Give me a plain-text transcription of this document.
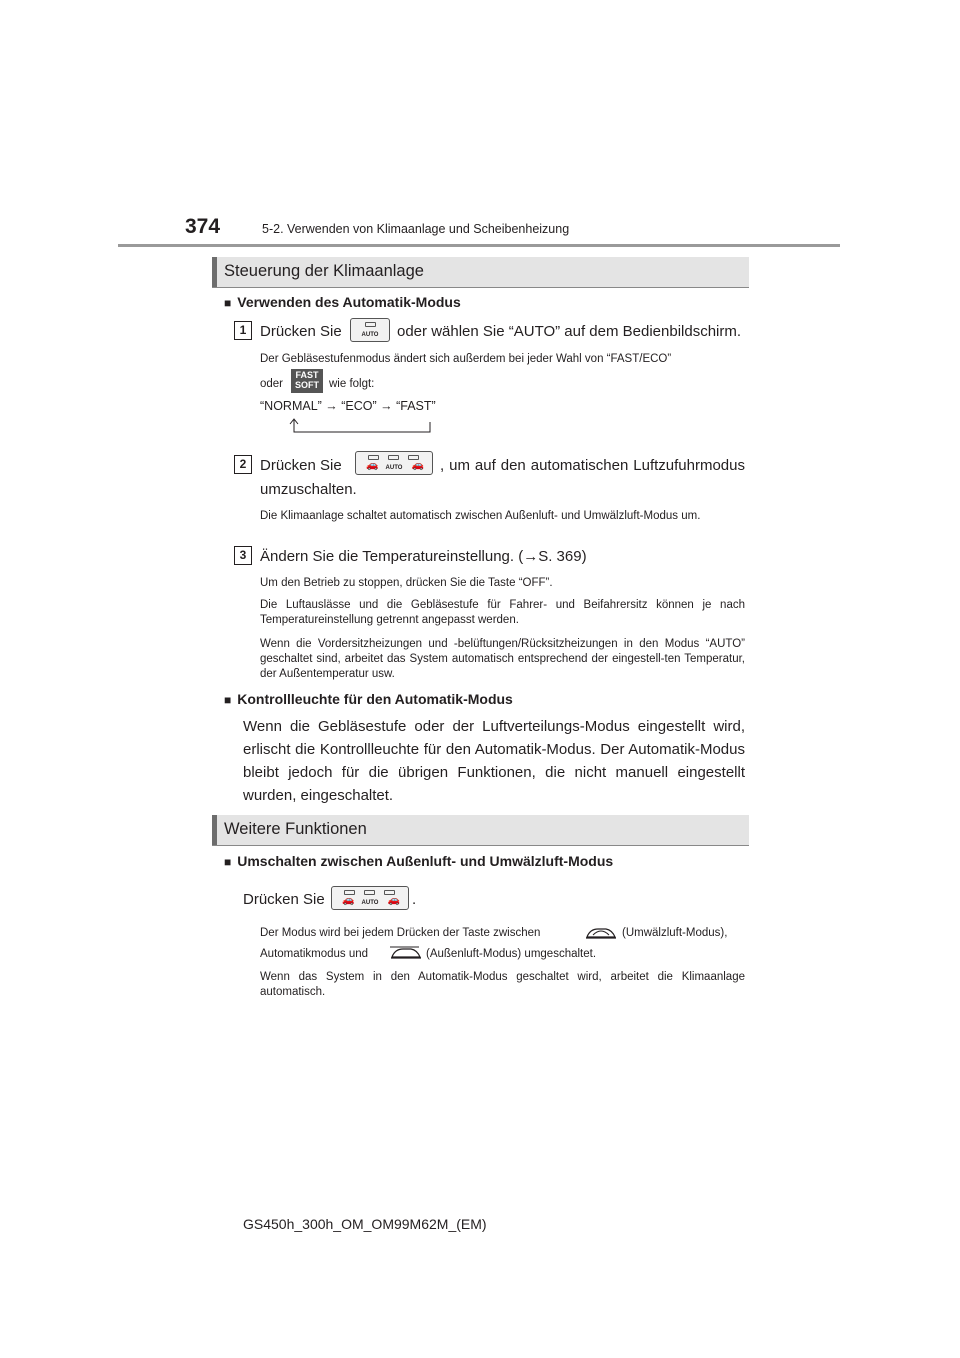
374	5-2. Verwenden von Klimaanlage und Scheibenheizung
Steuerung der Klimaanlage
■ Verwenden des Automatik-Modus
1 Drücken Sie	AUTO	oder wählen Sie “AUTO” auf dem Bedienbildschirm.
Der Gebläsestufenmodus ändert sich außerdem bei jeder Wahl von “FAST/ECO”
oder
FAST
SOFT wie folgt:
“NORMAL” → “ECO” → “FAST”
2 Drücken Sie 🚗	AUTO 🚗 , um auf den automatischen Luftzufuhrmodus
umzuschalten.
Die Klimaanlage schaltet automatisch zwischen Außenluft- und Umwälzluft-Modus um.
3 Ändern Sie die Temperatureinstellung. (→S. 369)
Um den Betrieb zu stoppen, drücken Sie die Taste “OFF”.
Die Luftauslässe und die Gebläsestufe für Fahrer- und Beifahrersitz können je nach Temperatureinstellung getrennt angepasst werden.
Wenn die Vordersitzheizungen und -belüftungen/Rücksitzheizungen in den Modus “AUTO” geschaltet sind, arbeitet das System automatisch entsprechend der eingestell-ten Temperatur, der Außentemperatur usw.
■ Kontrollleuchte für den Automatik-Modus
Wenn die Gebläsestufe oder der Luftverteilungs-Modus eingestellt wird, erlischt die Kontrollleuchte für den Automatik-Modus. Der Automatik-Modus bleibt jedoch für die übrigen Funktionen, die nicht manuell eingestellt wurden, eingeschaltet.
Weitere Funktionen
■ Umschalten zwischen Außenluft- und Umwälzluft-Modus
Drücken Sie 🚗	AUTO 🚗 .
Der Modus wird bei jedem Drücken der Taste zwischen	(Umwälzluft-Modus),
Automatikmodus und	(Außenluft-Modus) umgeschaltet.
Wenn das System in den Automatik-Modus geschaltet wird, arbeitet die Klimaanlage automatisch.
GS450h_300h_OM_OM99M62M_(EM)
